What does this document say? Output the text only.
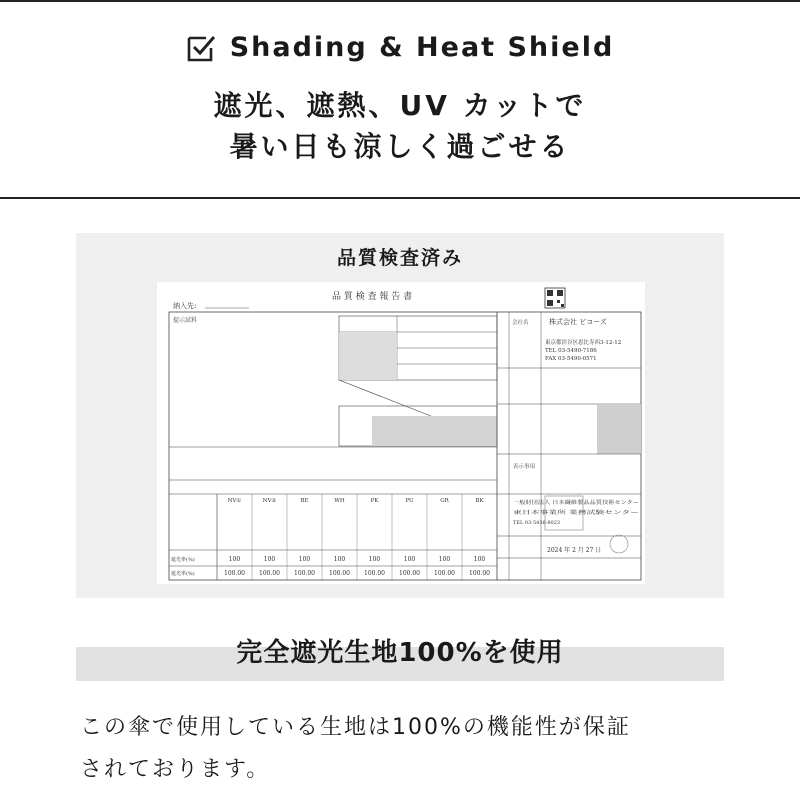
Shading & Heat Shield
遮光、遮熱、UV カットで
暑い日も涼しく過ごせる
品質検査済み
品 質 検 査 報 告 書
納入先:
提示試料	会社名	株式会社 ビコーズ
東京都渋谷区恵比寿西3-12-12
TEL 03-5490-7186
FAX 03-5490-0571
表示事項
一般財団法人 日本繊維製品品質技術センター
東日本事業所 業務試験センター
TEL 03-5436-8023
2024 年 2 月 27 日
遮光率(%)
遮光率(%)
NV①
100
100.00
NV②
100
100.00
BE
100
100.00
WH
100
100.00
PK
100
100.00
PU
100
100.00
GR
100
100.00
BK
100
100.00
完全遮光生地100%を使用
この傘で使用している生地は100%の機能性が保証
されております。
